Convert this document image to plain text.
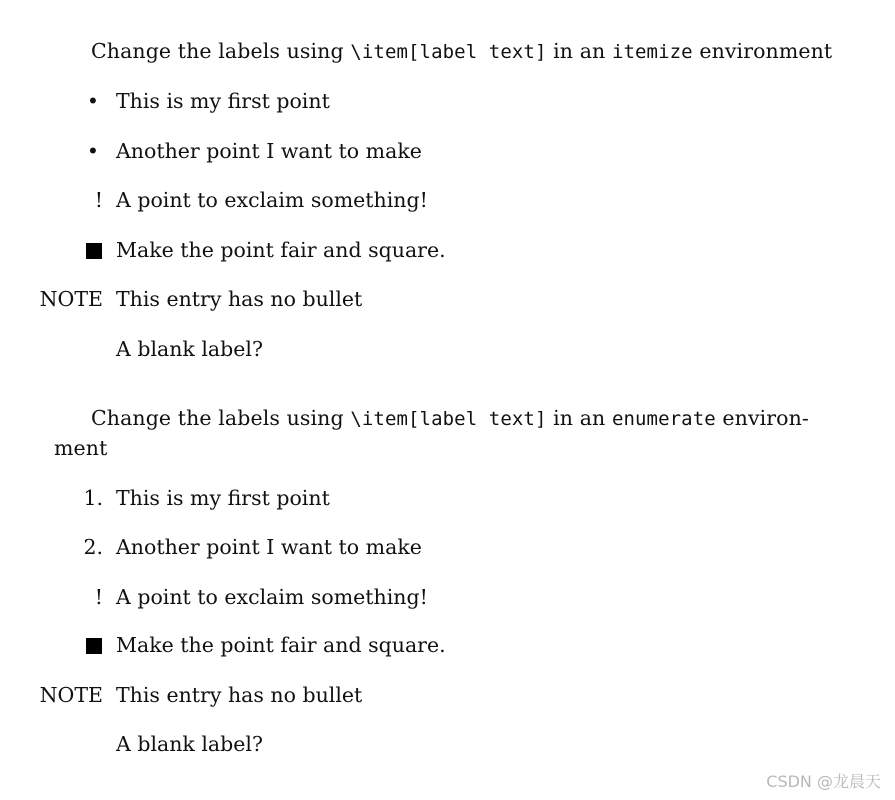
Change the labels using \item[label text] in an itemize environment
• This is my first point
• Another point I want to make
! A point to exclaim something!
Make the point fair and square.
NOTE This entry has no bullet
A blank label?
Change the labels using \item[label text] in an enumerate environ-ment
1. This is my first point
2. Another point I want to make
! A point to exclaim something!
Make the point fair and square.
NOTE This entry has no bullet
A blank label?
CSDN @龙晨天
